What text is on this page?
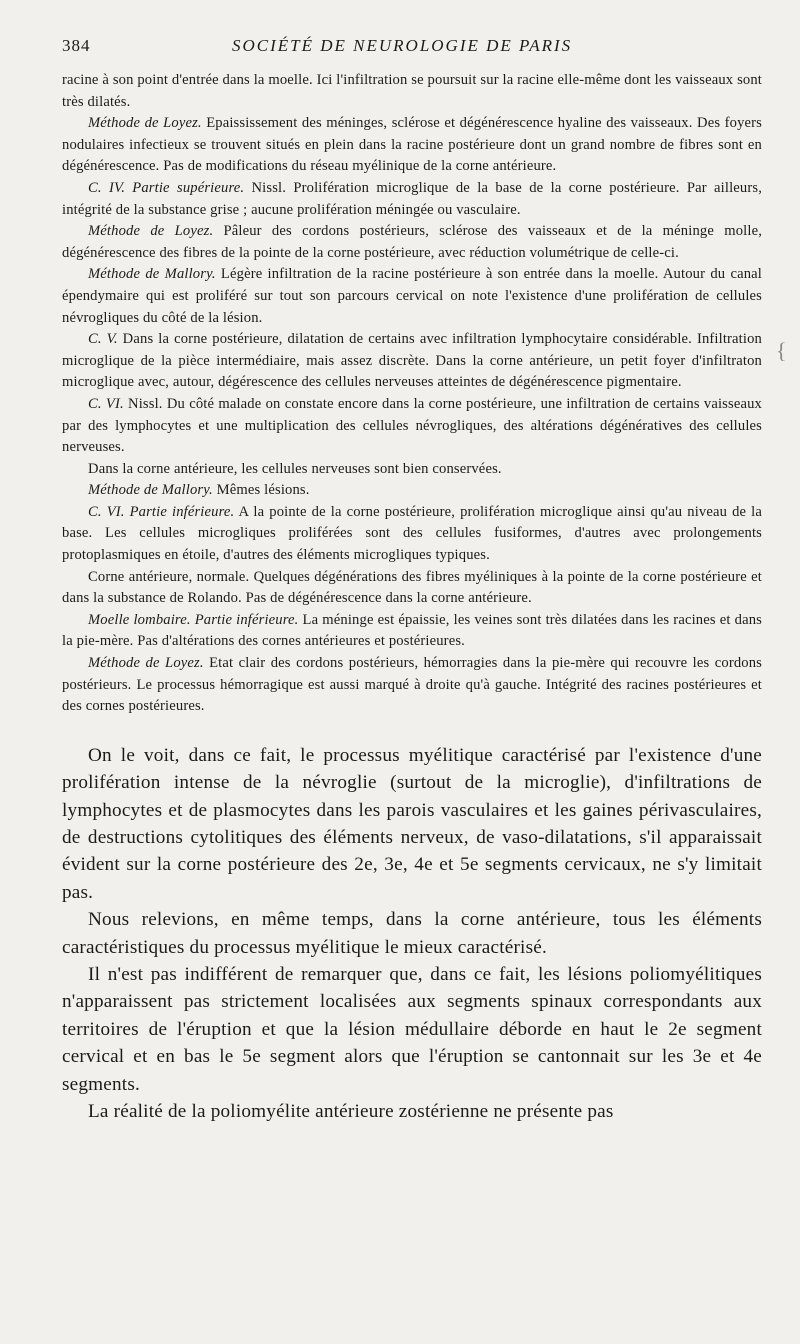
384	SOCIÉTÉ DE NEUROLOGIE DE PARIS
{

racine à son point d'entrée dans la moelle. Ici l'infiltration se poursuit sur la racine elle-même dont les vaisseaux sont très dilatés.

Méthode de Loyez. Epaississement des méninges, sclérose et dégénérescence hyaline des vaisseaux. Des foyers nodulaires infectieux se trouvent situés en plein dans la racine postérieure dont un grand nombre de fibres sont en dégénérescence. Pas de modifications du réseau myélinique de la corne antérieure.

C. IV. Partie supérieure. Nissl. Prolifération microglique de la base de la corne postérieure. Par ailleurs, intégrité de la substance grise ; aucune prolifération méningée ou vasculaire.

Méthode de Loyez. Pâleur des cordons postérieurs, sclérose des vaisseaux et de la méninge molle, dégénérescence des fibres de la pointe de la corne postérieure, avec réduction volumétrique de celle-ci.

Méthode de Mallory. Légère infiltration de la racine postérieure à son entrée dans la moelle. Autour du canal épendymaire qui est proliféré sur tout son parcours cervical on note l'existence d'une prolifération de cellules névrogliques du côté de la lésion.

C. V. Dans la corne postérieure, dilatation de certains avec infiltration lymphocytaire considérable. Infiltration microglique de la pièce intermédiaire, mais assez discrète. Dans la corne antérieure, un petit foyer d'infiltraton microglique avec, autour, dégérescence des cellules nerveuses atteintes de dégénérescence pigmentaire.

C. VI. Nissl. Du côté malade on constate encore dans la corne postérieure, une infiltration de certains vaisseaux par des lymphocytes et une multiplication des cellules névrogliques, des altérations dégénératives des cellules nerveuses.

Dans la corne antérieure, les cellules nerveuses sont bien conservées.

Méthode de Mallory. Mêmes lésions.

C. VI. Partie inférieure. A la pointe de la corne postérieure, prolifération microglique ainsi qu'au niveau de la base. Les cellules microgliques proliférées sont des cellules fusiformes, d'autres avec prolongements protoplasmiques en étoile, d'autres des éléments microgliques typiques.

Corne antérieure, normale. Quelques dégénérations des fibres myéliniques à la pointe de la corne postérieure et dans la substance de Rolando. Pas de dégénérescence dans la corne antérieure.

Moelle lombaire. Partie inférieure. La méninge est épaissie, les veines sont très dilatées dans les racines et dans la pie-mère. Pas d'altérations des cornes antérieures et postérieures.

Méthode de Loyez. Etat clair des cordons postérieurs, hémorragies dans la pie-mère qui recouvre les cordons postérieurs. Le processus hémorragique est aussi marqué à droite qu'à gauche. Intégrité des racines postérieures et des cornes postérieures.

On le voit, dans ce fait, le processus myélitique caractérisé par l'existence d'une prolifération intense de la névroglie (surtout de la microglie), d'infiltrations de lymphocytes et de plasmocytes dans les parois vasculaires et les gaines périvasculaires, de destructions cytolitiques des éléments nerveux, de vaso-dilatations, s'il apparaissait évident sur la corne postérieure des 2e, 3e, 4e et 5e segments cervicaux, ne s'y limitait pas.

Nous relevions, en même temps, dans la corne antérieure, tous les éléments caractéristiques du processus myélitique le mieux caractérisé.

Il n'est pas indifférent de remarquer que, dans ce fait, les lésions poliomyélitiques n'apparaissent pas strictement localisées aux segments spinaux correspondants aux territoires de l'éruption et que la lésion médullaire déborde en haut le 2e segment cervical et en bas le 5e segment alors que l'éruption se cantonnait sur les 3e et 4e segments.

La réalité de la poliomyélite antérieure zostérienne ne présente pas
